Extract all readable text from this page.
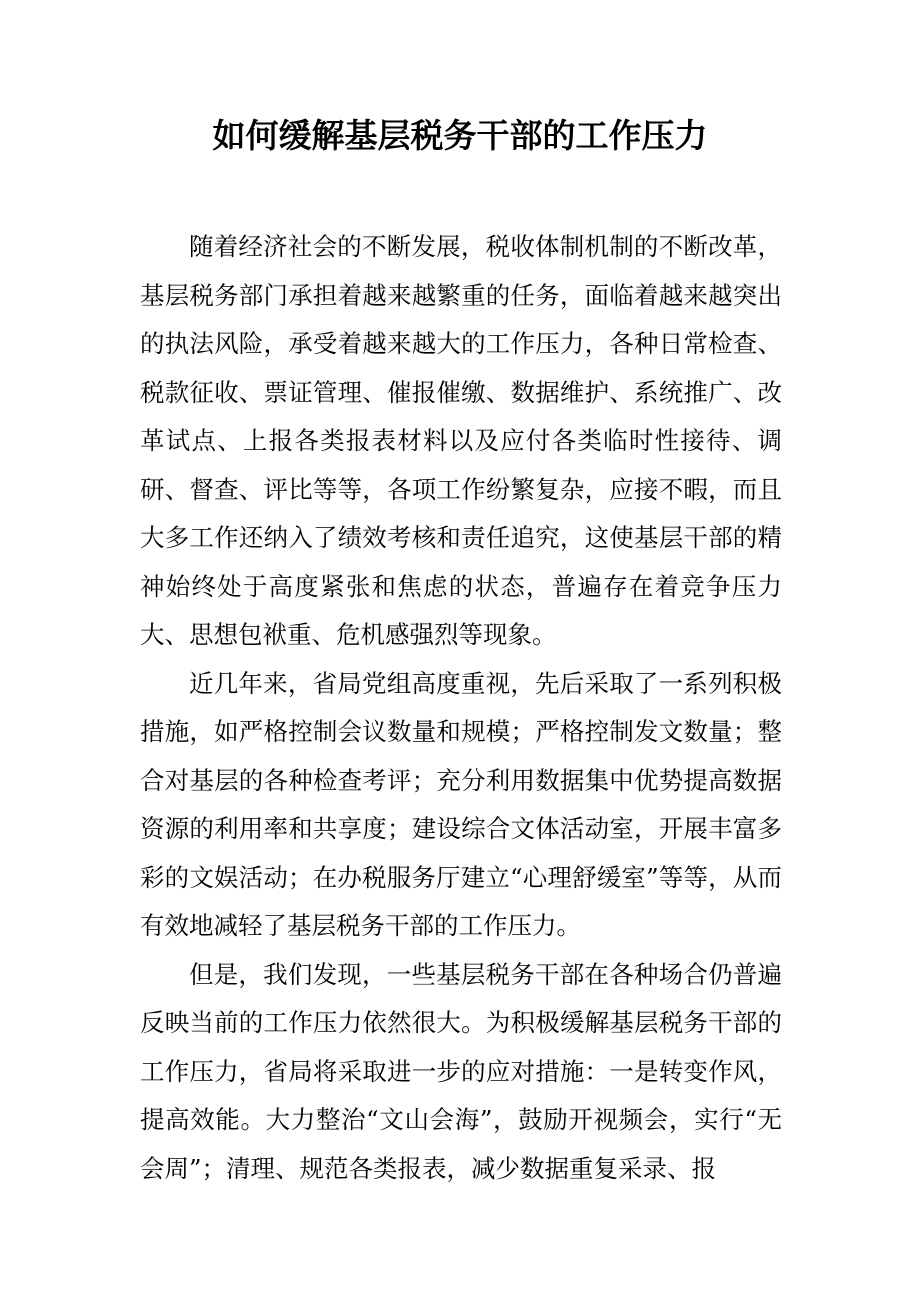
如何缓解基层税务干部的工作压力

随着经济社会的不断发展，税收体制机制的不断改革，基层税务部门承担着越来越繁重的任务，面临着越来越突出的执法风险，承受着越来越大的工作压力，各种日常检查、税款征收、票证管理、催报催缴、数据维护、系统推广、改革试点、上报各类报表材料以及应付各类临时性接待、调研、督查、评比等等，各项工作纷繁复杂，应接不暇，而且大多工作还纳入了绩效考核和责任追究，这使基层干部的精神始终处于高度紧张和焦虑的状态，普遍存在着竞争压力大、思想包袱重、危机感强烈等现象。

近几年来，省局党组高度重视，先后采取了一系列积极措施，如严格控制会议数量和规模；严格控制发文数量；整合对基层的各种检查考评；充分利用数据集中优势提高数据资源的利用率和共享度；建设综合文体活动室，开展丰富多彩的文娱活动；在办税服务厅建立“心理舒缓室”等等，从而有效地减轻了基层税务干部的工作压力。

但是，我们发现，一些基层税务干部在各种场合仍普遍反映当前的工作压力依然很大。为积极缓解基层税务干部的工作压力，省局将采取进一步的应对措施：一是转变作风，提高效能。大力整治“文山会海”，鼓励开视频会，实行“无会周”；清理、规范各类报表，减少数据重复采录、报
